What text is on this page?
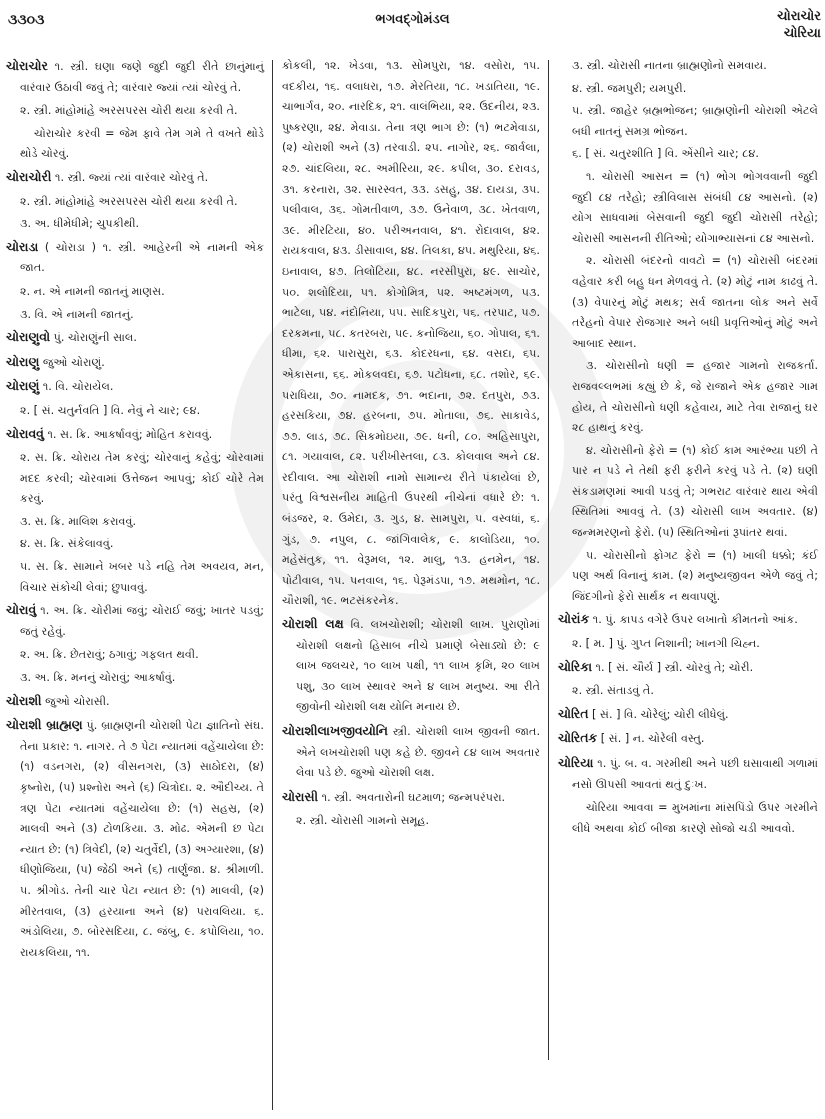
૩૩૦૩	ભગવદ્ગોમંડલ	ચોરાચોર
ચોરિયા

ચોરાચોર ૧. સ્ત્રી. ઘણા જણે જુદી જુદી રીતે છાનુંમાનું વારંવાર ઉઠાવી જવું તે; વારંવાર જ્યાં ત્યાં ચોરવું તે.

૨. સ્ત્રી. માંહોમાંહે અરસપરસ ચોરી થયા કરવી તે.

ચોરાચોર કરવી = જેમ ફાવે તેમ ગમે તે વખતે થોડે થોડે ચોરવું.

ચોરાચોરી ૧. સ્ત્રી. જ્યાં ત્યાં વારંવાર ચોરવું તે.

૨. સ્ત્રી. માંહોમાંહે અરસપરસ ચોરી થયા કરવી તે.

૩. અ. ધીમેધીમે; ચુપકીથી.

ચોરાડા ( ચોરાડા ) ૧. સ્ત્રી. આહેરની એ નામની એક જાત.

૨. ન. એ નામની જાતનું માણસ.

૩. વિ. એ નામની જાતનું.

ચોરાણુવો પું. ચોરાણુંની સાલ.

ચોરાણુ જુઓ ચોરાણું.

ચોરાણું ૧. વિ. ચોરાયેલ.

૨. [ સં. ચતુર્નવતિ ] વિ. નેવું ને ચાર; ૯૪.

ચોરાવવું ૧. સ. ક્રિ. આકર્ષાવવું; મોહિત કરાવવું.

૨. સ. ક્રિ. ચોરાય તેમ કરવું; ચોરવાનું કહેવું; ચોરવામાં મદદ કરવી; ચોરવામાં ઉત્તેજન આપવું; કોઈ ચોરે તેમ કરવું.

૩. સ. ક્રિ. માલિશ કરાવવું.

૪. સ. ક્રિ. સંકેલાવવું.

૫. સ. ક્રિ. સામાને ખબર પડે નહિ તેમ અવયવ, મન, વિચાર સંકોચી લેવાં; છુપાવવું.

ચોરાવું ૧. અ. ક્રિ. ચોરીમાં જવું; ચોરાઈ જવું; ખાતર પડવું; જતું રહેવું.

૨. અ. ક્રિ. છેતરાવું; ઠગાવું; ગફલત થવી.

૩. અ. ક્રિ. મનનું ચોરાવું; આકર્ષાવું.

ચોરાશી જુઓ ચોરાસી.

ચોરાશી બ્રાહ્મણ પું. બ્રાહ્મણની ચોરાશી પેટા જ્ઞાતિનો સંઘ. તેના પ્રકાર: ૧. નાગર. તે ૭ પેટા ન્યાતમાં વહેંચાયેલા છે: (૧) વડનગરા, (૨) વીસનગરા, (૩) સાઠોદરા, (૪) કૃષ્નોરા, (૫) પ્રશ્નોરા અને (૬) ચિત્રોદા. ૨. ઔદીચ્ય. તે ત્રણ પેટા ન્યાતમાં વહેંચાયેલા છે: (૧) સહસ્ર, (૨) માલવી અને (૩) ટોળકિયા. ૩. મોઢ. એમની છ પેટા ન્યાત છે: (૧) ત્રિવેદી, (૨) ચતુર્વેદી, (૩) અગ્યારશા, (૪) ધીણોજિયા, (૫) જેઠી અને (૬) તાર્ણુજા. ૪. શ્રીમાળી. ૫. શ્રીગોડ. તેની ચાર પેટા ન્યાત છે: (૧) માલવી, (૨) મીરતવાલ, (૩) હરયાના અને (૪) પરાવલિયા. ૬. અંડોલિયા, ૭. બોરસદિયા, ૮. જંબુ, ૯. કપોલિયા, ૧૦. રાયકલિયા, ૧૧.

કોકલી, ૧૨. ખેડવા, ૧૩. સોમપુરા, ૧૪. વસોરા, ૧૫. વદકીય, ૧૬. વલાધરા, ૧૭. મેરતિયા, ૧૮. ખડાતિયા, ૧૯. ચાભાર્ગવ, ૨૦. નારદિક, ૨૧. વાલંભિયા, ૨૨. ઉદનીય, ૨૩. પુષ્કરણા, ૨૪. મેવાડા. તેના ત્રણ ભાગ છે: (૧) ભટમેવાડા, (૨) ચોરાશી અને (૩) તરવાડી. ૨૫. નાગોર, ૨૬. જાર્વલા, ૨૭. ચાંદલિયા, ૨૮. અમીરિયા, ૨૯. કપીલ, ૩૦. દરાવડ, ૩૧. કરનારા, ૩૨. સારસ્વત, ૩૩. ડસહુ, ૩૪. દાયડા, ૩૫. પલીવાલ, ૩૬. ગોમતીવાળ, ૩૭. ઉનેવાળ, ૩૮. ખેતવાળ, ૩૯. મીરટિયા, ૪૦. પરીઅનવાલ, ૪૧. રોદાવાલ, ૪૨. રાયકવાલ, ૪૩. ડીસાવાલ, ૪૪. તિલકા, ૪૫. મથુરિયા, ૪૬. ઇનાવાલ, ૪૭. તિલોટિયા, ૪૮. નરસીપુરા, ૪૯. સાચોર, ૫૦. શલોદિયા, ૫૧. કોગોમિત્ર, ૫૨. અષ્ટમંગળ, ૫૩. ભાટેલા, ૫૪. નંદોનિયા, ૫૫. સાદિકપુરા, ૫૬. તરપાટ, ૫૭. દરકમના, ૫૮. કતરબરા, ૫૯. કનોજિયા, ૬૦. ગોપાલ, ૬૧. ધીમા, ૬૨. પારાસુરા, ૬૩. કોદરધના, ૬૪. વસદા, ૬૫. એકાસના, ૬૬. મોકલવદા, ૬૭. પટોધના, ૬૮. તશોર, ૬૯. પરાધિયા, ૭૦. નામદક, ૭૧. ભદાના, ૭૨. દતપુરા, ૭૩. હરસકિયા, ૭૪. હરબના, ૭૫. મોતાલા, ૭૬. સાકાવેડ, ૭૭. લાડ, ૭૮. સિકમોઇયા, ૭૯. ધની, ૮૦. અહિસાપુરા, ૮૧. ગયાવાલ, ૮૨. પરીખીસ્તલા, ૮૩. કોલવાલ અને ૮૪. રદીવાલ. આ ચોરાશી નામો સામાન્ય રીતે પંકાયેલાં છે, પરંતુ વિશ્વસનીય માહિતી ઉપરથી નીચેનાં વધારે છે: ૧. બંડજર, ૨. ઉમેદા, ૩. ગુડ, ૪. સામપુરા, ૫. વસ્વધાં, ૬. ગુંડ, ૭. નપુલ, ૮. જાંગિવાલેક, ૯. કાલોડિયા, ૧૦. મહેસંતુક, ૧૧. વેરૂમલ, ૧૨. માલુ, ૧૩. હનમેન, ૧૪. પોટીવાલ, ૧૫. પનવાલ, ૧૬. પેરૂમંડપા, ૧૭. મથમોન, ૧૮. ચૌરાશી, ૧૯. ભટસંકરનેક.

ચોરાશી લક્ષ વિ. લખચોરાશી; ચોરાશી લાખ. પુરાણોમાં ચોરાશી લક્ષનો હિસાબ નીચે પ્રમાણે બેસાડ્યો છે: ૯ લાખ જલચર, ૧૦ લાખ પક્ષી, ૧૧ લાખ કૃમિ, ૨૦ લાખ પશુ, ૩૦ લાખ સ્થાવર અને ૪ લાખ મનુષ્ય. આ રીતે જીવોની ચોરાશી લક્ષ યોનિ મનાય છે.

ચોરાશીલાખજીવયોનિ સ્ત્રી. ચોરાશી લાખ જીવની જાત. એને લખચોરાશી પણ કહે છે. જીવને ૮૪ લાખ અવતાર લેવા પડે છે. જુઓ ચોરાશી લક્ષ.

ચોરાસી ૧. સ્ત્રી. અવતારોની ઘટમાળ; જન્મપરંપરા.

૨. સ્ત્રી. ચોરાસી ગામનો સમૂહ.

૩. સ્ત્રી. ચોરાસી નાતના બ્રાહ્મણોનો સમવાય.

૪. સ્ત્રી. જમપુરી; યમપુરી.

૫. સ્ત્રી. જાહેર બ્રહ્મભોજન; બ્રાહ્મણોની ચોરાશી એટલે બધી નાતનું સમગ્ર ભોજન.

૬. [ સં. ચતુરશીતિ ] વિ. એંસીને ચાર; ૮૪.

૧. ચોરાસી આસન = (૧) ભોગ ભોગવવાની જુદી જુદી ૮૪ તરેહો; સ્ત્રીવિલાસ સંબંધી ૮૪ આસનો. (૨) યોગ સાધવામાં બેસવાની જુદી જુદી ચોરાસી તરેહો; ચોરાસી આસનની રીતિઓ; યોગાભ્યાસનાં ૮૪ આસનો.

૨. ચોરાસી બંદરનો વાવટો = (૧) ચોરાસી બંદરમાં વહેવાર કરી બહુ ધન મેળવવું તે. (૨) મોટું નામ કાઢવું તે. (૩) વેપારનું મોટું મથક; સર્વ જાતના લોક અને સર્વે તરેહનો વેપાર રોજગાર અને બધી પ્રવૃત્તિઓનું મોટું અને આબાદ સ્થાન.

૩. ચોરાસીનો ધણી = હજાર ગામનો રાજકર્તા. રાજવલ્લભમાં કહ્યું છે કે, જે રાજાને એક હજાર ગામ હોય, તે ચોરાસીનો ધણી કહેવાય, માટે તેવા રાજાનું ઘર ૨૮ હાથનું કરવું.

૪. ચોરાસીનો ફેરો = (૧) કોઈ કામ આરંભ્યા પછી તે પાર ન પડે ને તેથી ફરી ફરીને કરવું પડે તે. (૨) ઘણી સંકડામણમાં આવી પડવું તે; ગભરાટ વારંવાર થાય એવી સ્થિતિમાં આવવું તે. (૩) ચોરાસી લાખ અવતાર. (૪) જન્મમરણનો ફેરો. (૫) સ્થિતિઓનાં રૂપાંતર થવાં.

૫. ચોરાસીનો ફોગટ ફેરો = (૧) ખાલી ધક્કો; કંઈ પણ અર્થ વિનાનું કામ. (૨) મનુષ્યજીવન એળે જવું તે; જિંદગીનો ફેરો સાર્થક ન થવાપણું.

ચોરાંક ૧. પું. કાપડ વગેરે ઉપર લખાતો કીમતનો આંક.

૨. [ મ. ] પું. ગુપ્ત નિશાની; ખાનગી ચિહ્ન.

ચોરિકા ૧. [ સં. ચૌર્ય ] સ્ત્રી. ચોરવું તે; ચોરી.

૨. સ્ત્રી. સંતાડવું તે.

ચોરિત [ સં. ] વિ. ચોરેલું; ચોરી લીધેલું.

ચોરિતક [ સં. ] ન. ચોરેલી વસ્તુ.

ચોરિયા ૧. પું. બ. વ. ગરમીથી અને પછી ઘસાવાથી ગળામાં નસો ઊપસી આવતાં થતું દુઃખ.

ચોરિયા આવવા = મુખમાંના માંસપિંડો ઉપર ગરમીને લીધે અથવા કોઈ બીજા કારણે સોજો ચડી આવવો.
